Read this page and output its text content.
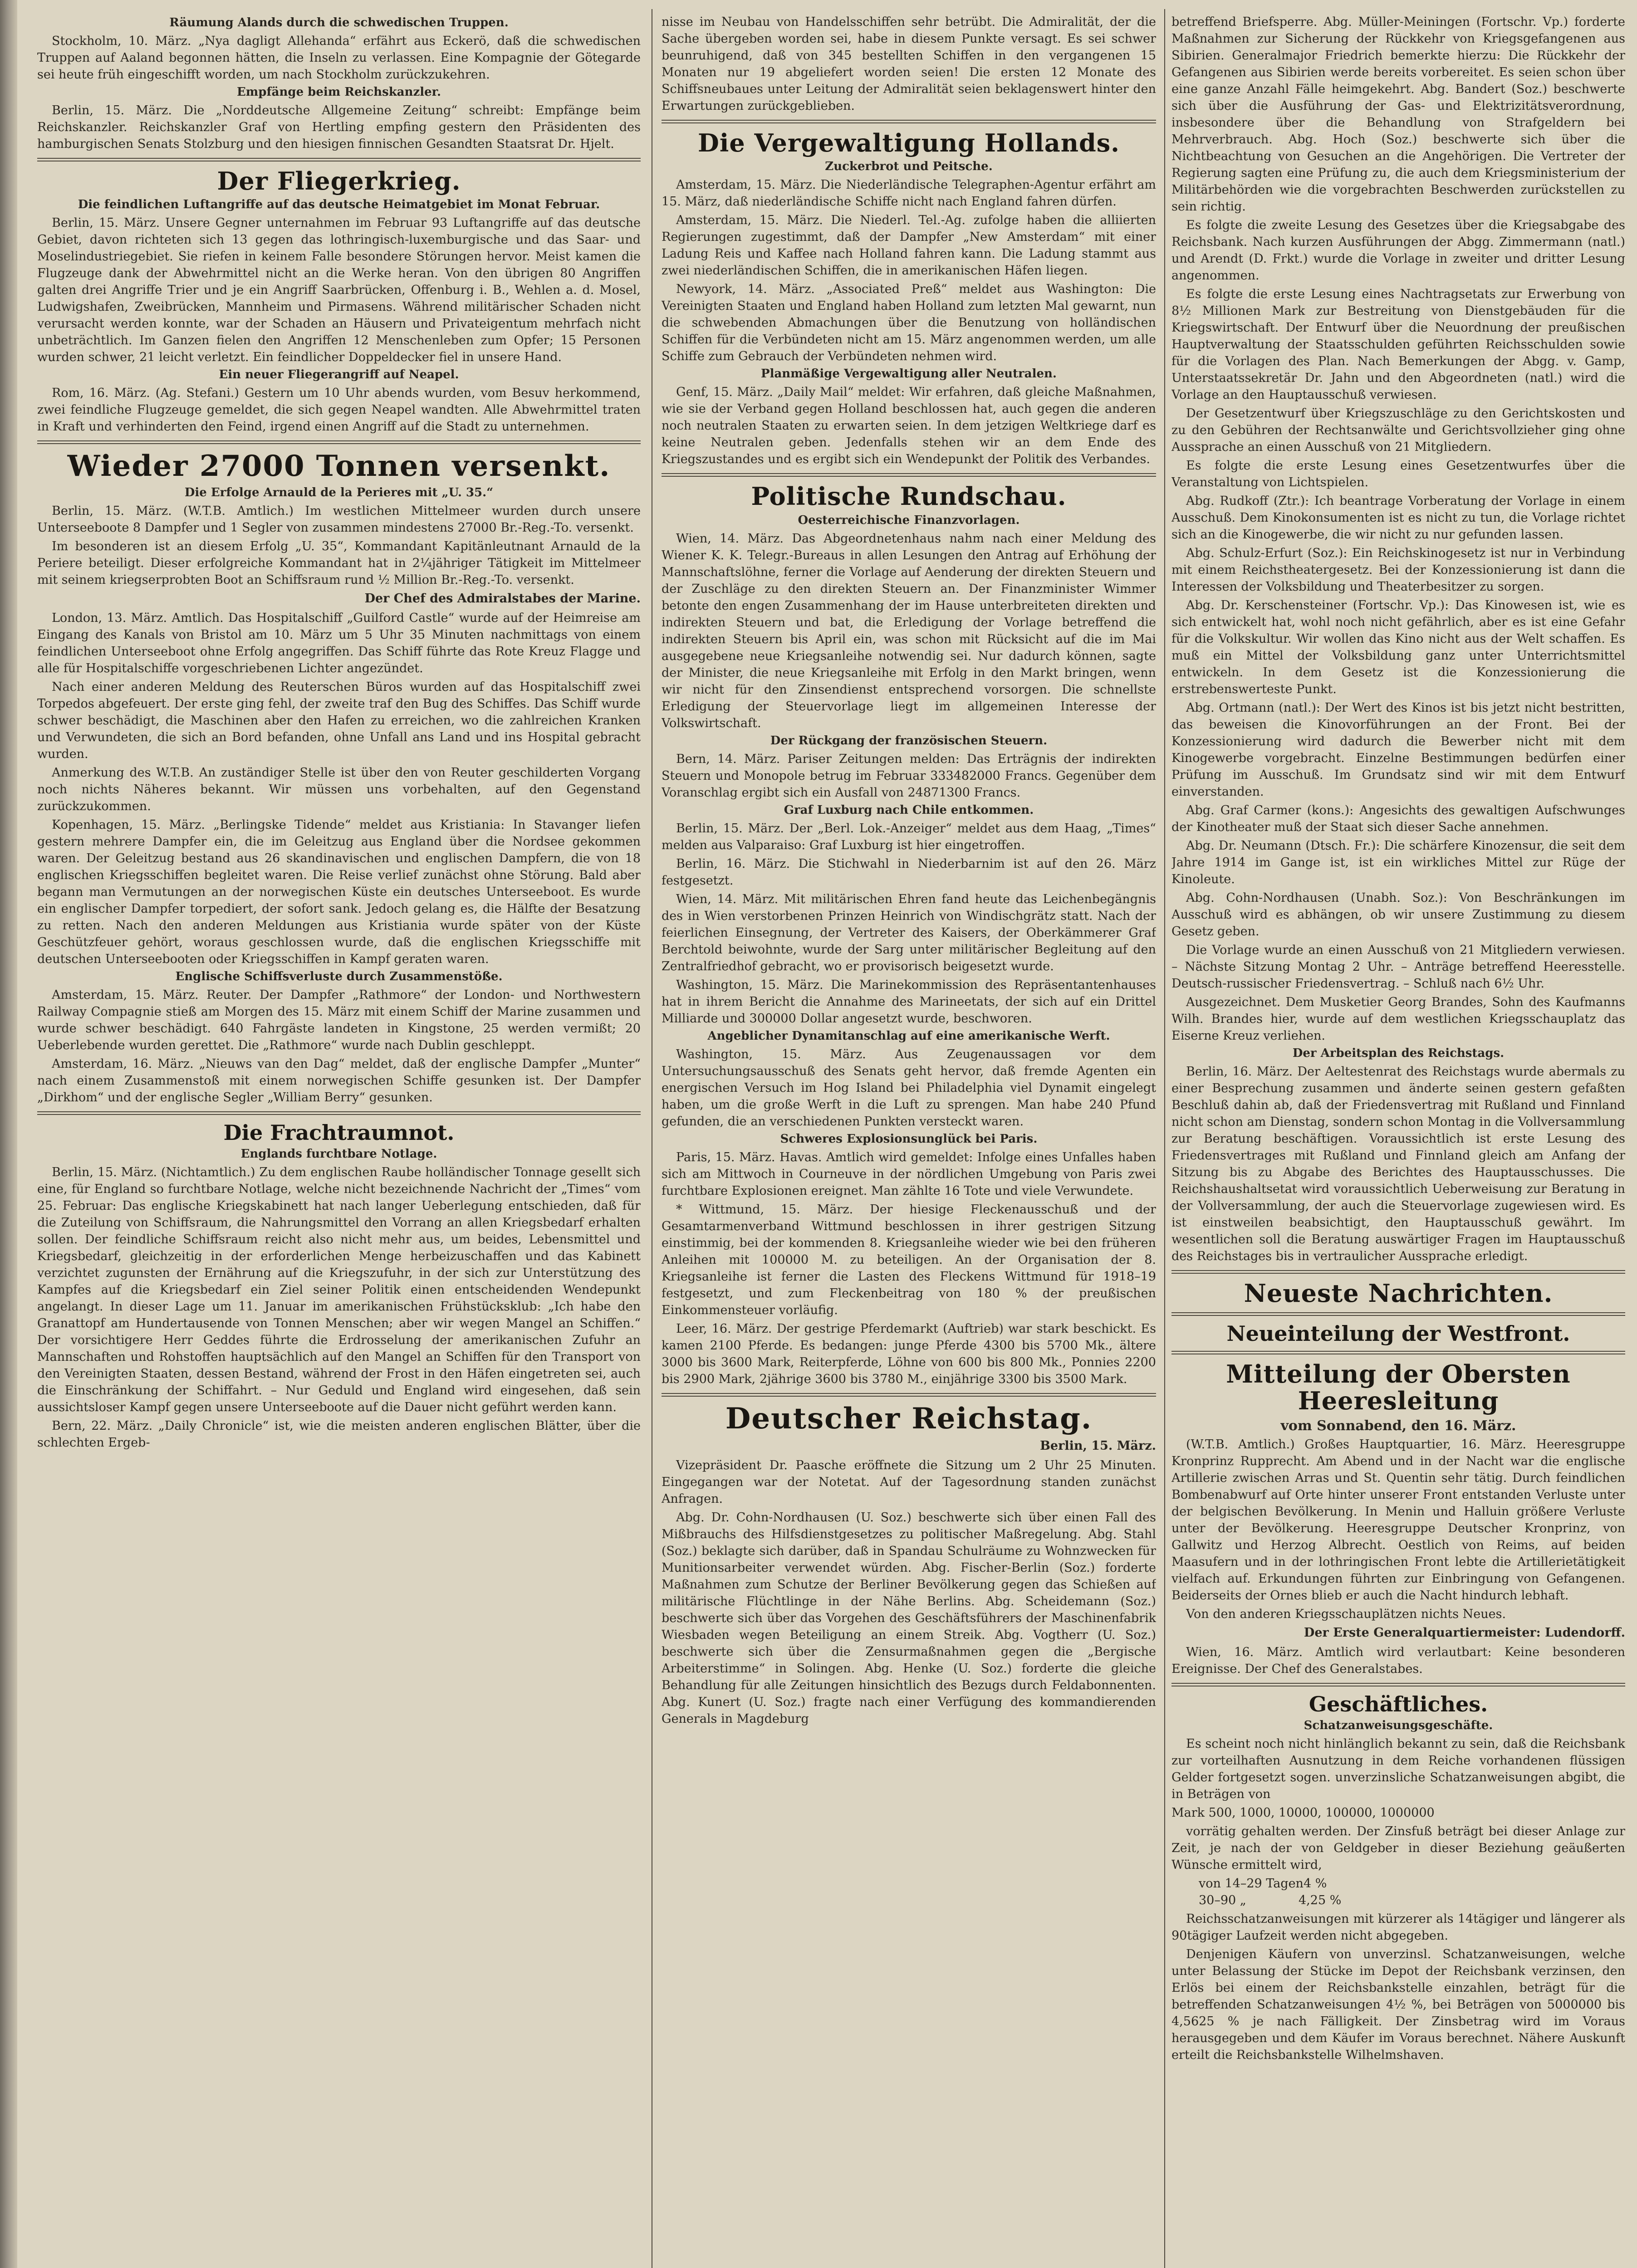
Räumung Alands durch die schwedischen Truppen.

Stockholm, 10. März. „Nya dagligt Allehanda“ erfährt aus Eckerö, daß die schwedischen Truppen auf Aaland begonnen hätten, die Inseln zu verlassen. Eine Kompagnie der Götegarde sei heute früh eingeschifft worden, um nach Stockholm zurückzukehren.

Empfänge beim Reichskanzler.

Berlin, 15. März. Die „Norddeutsche Allgemeine Zeitung“ schreibt: Empfänge beim Reichskanzler. Reichskanzler Graf von Hertling empfing gestern den Präsidenten des hamburgischen Senats Stolzburg und den hiesigen finnischen Gesandten Staatsrat Dr. Hjelt.

Der Fliegerkrieg.
Die feindlichen Luftangriffe auf das deutsche Heimatgebiet im Monat Februar.

Berlin, 15. März. Unsere Gegner unternahmen im Februar 93 Luftangriffe auf das deutsche Gebiet, davon richteten sich 13 gegen das lothringisch-luxemburgische und das Saar- und Moselindustriegebiet. Sie riefen in keinem Falle besondere Störungen hervor. Meist kamen die Flugzeuge dank der Abwehrmittel nicht an die Werke heran. Von den übrigen 80 Angriffen galten drei Angriffe Trier und je ein Angriff Saarbrücken, Offenburg i. B., Wehlen a. d. Mosel, Ludwigshafen, Zweibrücken, Mannheim und Pirmasens. Während militärischer Schaden nicht verursacht werden konnte, war der Schaden an Häusern und Privateigentum mehrfach nicht unbeträchtlich. Im Ganzen fielen den Angriffen 12 Menschenleben zum Opfer; 15 Personen wurden schwer, 21 leicht verletzt. Ein feindlicher Doppeldecker fiel in unsere Hand.

Ein neuer Fliegerangriff auf Neapel.

Rom, 16. März. (Ag. Stefani.) Gestern um 10 Uhr abends wurden, vom Besuv herkommend, zwei feindliche Flugzeuge gemeldet, die sich gegen Neapel wandten. Alle Abwehrmittel traten in Kraft und verhinderten den Feind, irgend einen Angriff auf die Stadt zu unternehmen.

Wieder 27000 Tonnen versenkt.
Die Erfolge Arnauld de la Perieres mit „U. 35.“

Berlin, 15. März. (W.T.B. Amtlich.) Im westlichen Mittelmeer wurden durch unsere Unterseeboote 8 Dampfer und 1 Segler von zusammen mindestens 27000 Br.-Reg.-To. versenkt.

Im besonderen ist an diesem Erfolg „U. 35“, Kommandant Kapitänleutnant Arnauld de la Periere beteiligt. Dieser erfolgreiche Kommandant hat in 2¼jähriger Tätigkeit im Mittelmeer mit seinem kriegserprobten Boot an Schiffsraum rund ½ Million Br.-Reg.-To. versenkt.

Der Chef des Admiralstabes der Marine.

London, 13. März. Amtlich. Das Hospitalschiff „Guilford Castle“ wurde auf der Heimreise am Eingang des Kanals von Bristol am 10. März um 5 Uhr 35 Minuten nachmittags von einem feindlichen Unterseeboot ohne Erfolg angegriffen. Das Schiff führte das Rote Kreuz Flagge und alle für Hospitalschiffe vorgeschriebenen Lichter angezündet.

Nach einer anderen Meldung des Reuterschen Büros wurden auf das Hospitalschiff zwei Torpedos abgefeuert. Der erste ging fehl, der zweite traf den Bug des Schiffes. Das Schiff wurde schwer beschädigt, die Maschinen aber den Hafen zu erreichen, wo die zahlreichen Kranken und Verwundeten, die sich an Bord befanden, ohne Unfall ans Land und ins Hospital gebracht wurden.

Anmerkung des W.T.B. An zuständiger Stelle ist über den von Reuter geschilderten Vorgang noch nichts Näheres bekannt. Wir müssen uns vorbehalten, auf den Gegenstand zurückzukommen.

Kopenhagen, 15. März. „Berlingske Tidende“ meldet aus Kristiania: In Stavanger liefen gestern mehrere Dampfer ein, die im Geleitzug aus England über die Nordsee gekommen waren. Der Geleitzug bestand aus 26 skandinavischen und englischen Dampfern, die von 18 englischen Kriegsschiffen begleitet waren. Die Reise verlief zunächst ohne Störung. Bald aber begann man Vermutungen an der norwegischen Küste ein deutsches Unterseeboot. Es wurde ein englischer Dampfer torpediert, der sofort sank. Jedoch gelang es, die Hälfte der Besatzung zu retten. Nach den anderen Meldungen aus Kristiania wurde später von der Küste Geschützfeuer gehört, woraus geschlossen wurde, daß die englischen Kriegsschiffe mit deutschen Unterseebooten oder Kriegsschiffen in Kampf geraten waren.

Englische Schiffsverluste durch Zusammenstöße.

Amsterdam, 15. März. Reuter. Der Dampfer „Rathmore“ der London- und Northwestern Railway Compagnie stieß am Morgen des 15. März mit einem Schiff der Marine zusammen und wurde schwer beschädigt. 640 Fahrgäste landeten in Kingstone, 25 werden vermißt; 20 Ueberlebende wurden gerettet. Die „Rathmore“ wurde nach Dublin geschleppt.

Amsterdam, 16. März. „Nieuws van den Dag“ meldet, daß der englische Dampfer „Munter“ nach einem Zusammenstoß mit einem norwegischen Schiffe gesunken ist. Der Dampfer „Dirkhom“ und der englische Segler „William Berry“ gesunken.

Die Frachtraumnot.
Englands furchtbare Notlage.

Berlin, 15. März. (Nichtamtlich.) Zu dem englischen Raube holländischer Tonnage gesellt sich eine, für England so furchtbare Notlage, welche nicht bezeichnende Nachricht der „Times“ vom 25. Februar: Das englische Kriegskabinett hat nach langer Ueberlegung entschieden, daß für die Zuteilung von Schiffsraum, die Nahrungsmittel den Vorrang an allen Kriegsbedarf erhalten sollen. Der feindliche Schiffsraum reicht also nicht mehr aus, um beides, Lebensmittel und Kriegsbedarf, gleichzeitig in der erforderlichen Menge herbeizuschaffen und das Kabinett verzichtet zugunsten der Ernährung auf die Kriegszufuhr, in der sich zur Unterstützung des Kampfes auf die Kriegsbedarf ein Ziel seiner Politik einen entscheidenden Wendepunkt angelangt. In dieser Lage um 11. Januar im amerikanischen Frühstücksklub: „Ich habe den Granattopf am Hundertausende von Tonnen Menschen; aber wir wegen Mangel an Schiffen.“ Der vorsichtigere Herr Geddes führte die Erdrosselung der amerikanischen Zufuhr an Mannschaften und Rohstoffen hauptsächlich auf den Mangel an Schiffen für den Transport von den Vereinigten Staaten, dessen Bestand, während der Frost in den Häfen eingetreten sei, auch die Einschränkung der Schiffahrt. – Nur Geduld und England wird eingesehen, daß sein aussichtsloser Kampf gegen unsere Unterseeboote auf die Dauer nicht geführt werden kann.

Bern, 22. März. „Daily Chronicle“ ist, wie die meisten anderen englischen Blätter, über die schlechten Ergeb-

nisse im Neubau von Handelsschiffen sehr betrübt. Die Admiralität, der die Sache übergeben worden sei, habe in diesem Punkte versagt. Es sei schwer beunruhigend, daß von 345 bestellten Schiffen in den vergangenen 15 Monaten nur 19 abgeliefert worden seien! Die ersten 12 Monate des Schiffsneubaues unter Leitung der Admiralität seien beklagenswert hinter den Erwartungen zurückgeblieben.

Die Vergewaltigung Hollands.
Zuckerbrot und Peitsche.

Amsterdam, 15. März. Die Niederländische Telegraphen-Agentur erfährt am 15. März, daß niederländische Schiffe nicht nach England fahren dürfen.

Amsterdam, 15. März. Die Niederl. Tel.-Ag. zufolge haben die alliierten Regierungen zugestimmt, daß der Dampfer „New Amsterdam“ mit einer Ladung Reis und Kaffee nach Holland fahren kann. Die Ladung stammt aus zwei niederländischen Schiffen, die in amerikanischen Häfen liegen.

Newyork, 14. März. „Associated Preß“ meldet aus Washington: Die Vereinigten Staaten und England haben Holland zum letzten Mal gewarnt, nun die schwebenden Abmachungen über die Benutzung von holländischen Schiffen für die Verbündeten nicht am 15. März angenommen werden, um alle Schiffe zum Gebrauch der Verbündeten nehmen wird.

Planmäßige Vergewaltigung aller Neutralen.

Genf, 15. März. „Daily Mail“ meldet: Wir erfahren, daß gleiche Maßnahmen, wie sie der Verband gegen Holland beschlossen hat, auch gegen die anderen noch neutralen Staaten zu erwarten seien. In dem jetzigen Weltkriege darf es keine Neutralen geben. Jedenfalls stehen wir an dem Ende des Kriegszustandes und es ergibt sich ein Wendepunkt der Politik des Verbandes.

Politische Rundschau.
Oesterreichische Finanzvorlagen.

Wien, 14. März. Das Abgeordnetenhaus nahm nach einer Meldung des Wiener K. K. Telegr.-Bureaus in allen Lesungen den Antrag auf Erhöhung der Mannschaftslöhne, ferner die Vorlage auf Aenderung der direkten Steuern und der Zuschläge zu den direkten Steuern an. Der Finanzminister Wimmer betonte den engen Zusammenhang der im Hause unterbreiteten direkten und indirekten Steuern und bat, die Erledigung der Vorlage betreffend die indirekten Steuern bis April ein, was schon mit Rücksicht auf die im Mai ausgegebene neue Kriegsanleihe notwendig sei. Nur dadurch können, sagte der Minister, die neue Kriegsanleihe mit Erfolg in den Markt bringen, wenn wir nicht für den Zinsendienst entsprechend vorsorgen. Die schnellste Erledigung der Steuervorlage liegt im allgemeinen Interesse der Volkswirtschaft.

Der Rückgang der französischen Steuern.

Bern, 14. März. Pariser Zeitungen melden: Das Erträgnis der indirekten Steuern und Monopole betrug im Februar 333482000 Francs. Gegenüber dem Voranschlag ergibt sich ein Ausfall von 24871300 Francs.

Graf Luxburg nach Chile entkommen.

Berlin, 15. März. Der „Berl. Lok.-Anzeiger“ meldet aus dem Haag, „Times“ melden aus Valparaiso: Graf Luxburg ist hier eingetroffen.

Berlin, 16. März. Die Stichwahl in Niederbarnim ist auf den 26. März festgesetzt.

Wien, 14. März. Mit militärischen Ehren fand heute das Leichenbegängnis des in Wien verstorbenen Prinzen Heinrich von Windischgrätz statt. Nach der feierlichen Einsegnung, der Vertreter des Kaisers, der Oberkämmerer Graf Berchtold beiwohnte, wurde der Sarg unter militärischer Begleitung auf den Zentralfriedhof gebracht, wo er provisorisch beigesetzt wurde.

Washington, 15. März. Die Marinekommission des Repräsentantenhauses hat in ihrem Bericht die Annahme des Marineetats, der sich auf ein Drittel Milliarde und 300000 Dollar angesetzt wurde, beschworen.

Angeblicher Dynamitanschlag auf eine amerikanische Werft.

Washington, 15. März. Aus Zeugenaussagen vor dem Untersuchungsausschuß des Senats geht hervor, daß fremde Agenten ein energischen Versuch im Hog Island bei Philadelphia viel Dynamit eingelegt haben, um die große Werft in die Luft zu sprengen. Man habe 240 Pfund gefunden, die an verschiedenen Punkten versteckt waren.

Schweres Explosionsunglück bei Paris.

Paris, 15. März. Havas. Amtlich wird gemeldet: Infolge eines Unfalles haben sich am Mittwoch in Courneuve in der nördlichen Umgebung von Paris zwei furchtbare Explosionen ereignet. Man zählte 16 Tote und viele Verwundete.

* Wittmund, 15. März. Der hiesige Fleckenausschuß und der Gesamtarmenverband Wittmund beschlossen in ihrer gestrigen Sitzung einstimmig, bei der kommenden 8. Kriegsanleihe wieder wie bei den früheren Anleihen mit 100000 M. zu beteiligen. An der Organisation der 8. Kriegsanleihe ist ferner die Lasten des Fleckens Wittmund für 1918–19 festgesetzt, und zum Fleckenbeitrag von 180 % der preußischen Einkommensteuer vorläufig.

Leer, 16. März. Der gestrige Pferdemarkt (Auftrieb) war stark beschickt. Es kamen 2100 Pferde. Es bedangen: junge Pferde 4300 bis 5700 Mk., ältere 3000 bis 3600 Mark, Reiterpferde, Löhne von 600 bis 800 Mk., Ponnies 2200 bis 2900 Mark, 2jährige 3600 bis 3780 M., einjährige 3300 bis 3500 Mark.

Deutscher Reichstag.
Berlin, 15. März.

Vizepräsident Dr. Paasche eröffnete die Sitzung um 2 Uhr 25 Minuten. Eingegangen war der Notetat. Auf der Tagesordnung standen zunächst Anfragen.

Abg. Dr. Cohn-Nordhausen (U. Soz.) beschwerte sich über einen Fall des Mißbrauchs des Hilfsdienstgesetzes zu politischer Maßregelung. Abg. Stahl (Soz.) beklagte sich darüber, daß in Spandau Schulräume zu Wohnzwecken für Munitionsarbeiter verwendet würden. Abg. Fischer-Berlin (Soz.) forderte Maßnahmen zum Schutze der Berliner Bevölkerung gegen das Schießen auf militärische Flüchtlinge in der Nähe Berlins. Abg. Scheidemann (Soz.) beschwerte sich über das Vorgehen des Geschäftsführers der Maschinenfabrik Wiesbaden wegen Beteiligung an einem Streik. Abg. Vogtherr (U. Soz.) beschwerte sich über die Zensurmaßnahmen gegen die „Bergische Arbeiterstimme“ in Solingen. Abg. Henke (U. Soz.) forderte die gleiche Behandlung für alle Zeitungen hinsichtlich des Bezugs durch Feldabonnenten. Abg. Kunert (U. Soz.) fragte nach einer Verfügung des kommandierenden Generals in Magdeburg

betreffend Briefsperre. Abg. Müller-Meiningen (Fortschr. Vp.) forderte Maßnahmen zur Sicherung der Rückkehr von Kriegsgefangenen aus Sibirien. Generalmajor Friedrich bemerkte hierzu: Die Rückkehr der Gefangenen aus Sibirien werde bereits vorbereitet. Es seien schon über eine ganze Anzahl Fälle heimgekehrt. Abg. Bandert (Soz.) beschwerte sich über die Ausführung der Gas- und Elektrizitätsverordnung, insbesondere über die Behandlung von Strafgeldern bei Mehrverbrauch. Abg. Hoch (Soz.) beschwerte sich über die Nichtbeachtung von Gesuchen an die Angehörigen. Die Vertreter der Regierung sagten eine Prüfung zu, die auch dem Kriegsministerium der Militärbehörden wie die vorgebrachten Beschwerden zurückstellen zu sein richtig.

Es folgte die zweite Lesung des Gesetzes über die Kriegsabgabe des Reichsbank. Nach kurzen Ausführungen der Abgg. Zimmermann (natl.) und Arendt (D. Frkt.) wurde die Vorlage in zweiter und dritter Lesung angenommen.

Es folgte die erste Lesung eines Nachtragsetats zur Erwerbung von 8½ Millionen Mark zur Bestreitung von Dienstgebäuden für die Kriegswirtschaft. Der Entwurf über die Neuordnung der preußischen Hauptverwaltung der Staatsschulden geführten Reichsschulden sowie für die Vorlagen des Plan. Nach Bemerkungen der Abgg. v. Gamp, Unterstaatssekretär Dr. Jahn und den Abgeordneten (natl.) wird die Vorlage an den Hauptausschuß verwiesen.

Der Gesetzentwurf über Kriegszuschläge zu den Gerichtskosten und zu den Gebühren der Rechtsanwälte und Gerichtsvollzieher ging ohne Aussprache an einen Ausschuß von 21 Mitgliedern.

Es folgte die erste Lesung eines Gesetzentwurfes über die Veranstaltung von Lichtspielen.

Abg. Rudkoff (Ztr.): Ich beantrage Vorberatung der Vorlage in einem Ausschuß. Dem Kinokonsumenten ist es nicht zu tun, die Vorlage richtet sich an die Kinogewerbe, die wir nicht zu nur gefunden lassen.

Abg. Schulz-Erfurt (Soz.): Ein Reichskinogesetz ist nur in Verbindung mit einem Reichstheatergesetz. Bei der Konzessionierung ist dann die Interessen der Volksbildung und Theaterbesitzer zu sorgen.

Abg. Dr. Kerschensteiner (Fortschr. Vp.): Das Kinowesen ist, wie es sich entwickelt hat, wohl noch nicht gefährlich, aber es ist eine Gefahr für die Volkskultur. Wir wollen das Kino nicht aus der Welt schaffen. Es muß ein Mittel der Volksbildung ganz unter Unterrichtsmittel entwickeln. In dem Gesetz ist die Konzessionierung die erstrebenswerteste Punkt.

Abg. Ortmann (natl.): Der Wert des Kinos ist bis jetzt nicht bestritten, das beweisen die Kinovorführungen an der Front. Bei der Konzessionierung wird dadurch die Bewerber nicht mit dem Kinogewerbe vorgebracht. Einzelne Bestimmungen bedürfen einer Prüfung im Ausschuß. Im Grundsatz sind wir mit dem Entwurf einverstanden.

Abg. Graf Carmer (kons.): Angesichts des gewaltigen Aufschwunges der Kinotheater muß der Staat sich dieser Sache annehmen.

Abg. Dr. Neumann (Dtsch. Fr.): Die schärfere Kinozensur, die seit dem Jahre 1914 im Gange ist, ist ein wirkliches Mittel zur Rüge der Kinoleute.

Abg. Cohn-Nordhausen (Unabh. Soz.): Von Beschränkungen im Ausschuß wird es abhängen, ob wir unsere Zustimmung zu diesem Gesetz geben.

Die Vorlage wurde an einen Ausschuß von 21 Mitgliedern verwiesen. – Nächste Sitzung Montag 2 Uhr. – Anträge betreffend Heeresstelle. Deutsch-russischer Friedensvertrag. – Schluß nach 6½ Uhr.

Ausgezeichnet. Dem Musketier Georg Brandes, Sohn des Kaufmanns Wilh. Brandes hier, wurde auf dem westlichen Kriegsschauplatz das Eiserne Kreuz verliehen.

Der Arbeitsplan des Reichstags.

Berlin, 16. März. Der Aeltestenrat des Reichstags wurde abermals zu einer Besprechung zusammen und änderte seinen gestern gefaßten Beschluß dahin ab, daß der Friedensvertrag mit Rußland und Finnland nicht schon am Dienstag, sondern schon Montag in die Vollversammlung zur Beratung beschäftigen. Voraussichtlich ist erste Lesung des Friedensvertrages mit Rußland und Finnland gleich am Anfang der Sitzung bis zu Abgabe des Berichtes des Hauptausschusses. Die Reichshaushaltsetat wird voraussichtlich Ueberweisung zur Beratung in der Vollversammlung, der auch die Steuervorlage zugewiesen wird. Es ist einstweilen beabsichtigt, den Hauptausschuß gewährt. Im wesentlichen soll die Beratung auswärtiger Fragen im Hauptausschuß des Reichstages bis in vertraulicher Aussprache erledigt.

Neueste Nachrichten.
Neueinteilung der Westfront.
Mitteilung der Obersten Heeresleitung
vom Sonnabend, den 16. März.

(W.T.B. Amtlich.) Großes Hauptquartier, 16. März. Heeresgruppe Kronprinz Rupprecht. Am Abend und in der Nacht war die englische Artillerie zwischen Arras und St. Quentin sehr tätig. Durch feindlichen Bombenabwurf auf Orte hinter unserer Front entstanden Verluste unter der belgischen Bevölkerung. In Menin und Halluin größere Verluste unter der Bevölkerung. Heeresgruppe Deutscher Kronprinz, von Gallwitz und Herzog Albrecht. Oestlich von Reims, auf beiden Maasufern und in der lothringischen Front lebte die Artillerietätigkeit vielfach auf. Erkundungen führten zur Einbringung von Gefangenen. Beiderseits der Ornes blieb er auch die Nacht hindurch lebhaft.

Von den anderen Kriegsschauplätzen nichts Neues.

Der Erste Generalquartiermeister: Ludendorff.

Wien, 16. März. Amtlich wird verlautbart: Keine besonderen Ereignisse. Der Chef des Generalstabes.

Geschäftliches.
Schatzanweisungsgeschäfte.

Es scheint noch nicht hinlänglich bekannt zu sein, daß die Reichsbank zur vorteilhaften Ausnutzung in dem Reiche vorhandenen flüssigen Gelder fortgesetzt sogen. unverzinsliche Schatzanweisungen abgibt, die in Beträgen von

Mark 500, 1000, 10000, 100000, 1000000

vorrätig gehalten werden. Der Zinsfuß beträgt bei dieser Anlage zur Zeit, je nach der von Geldgeber in dieser Beziehung geäußerten Wünsche ermittelt wird,

von 14–29 Tagen4 %
30–90 „	4,25 %

Reichsschatzanweisungen mit kürzerer als 14tägiger und längerer als 90tägiger Laufzeit werden nicht abgegeben.

Denjenigen Käufern von unverzinsl. Schatzanweisungen, welche unter Belassung der Stücke im Depot der Reichsbank verzinsen, den Erlös bei einem der Reichsbankstelle einzahlen, beträgt für die betreffenden Schatzanweisungen 4½ %, bei Beträgen von 5000000 bis 4,5625 % je nach Fälligkeit. Der Zinsbetrag wird im Voraus herausgegeben und dem Käufer im Voraus berechnet. Nähere Auskunft erteilt die Reichsbankstelle Wilhelmshaven.
